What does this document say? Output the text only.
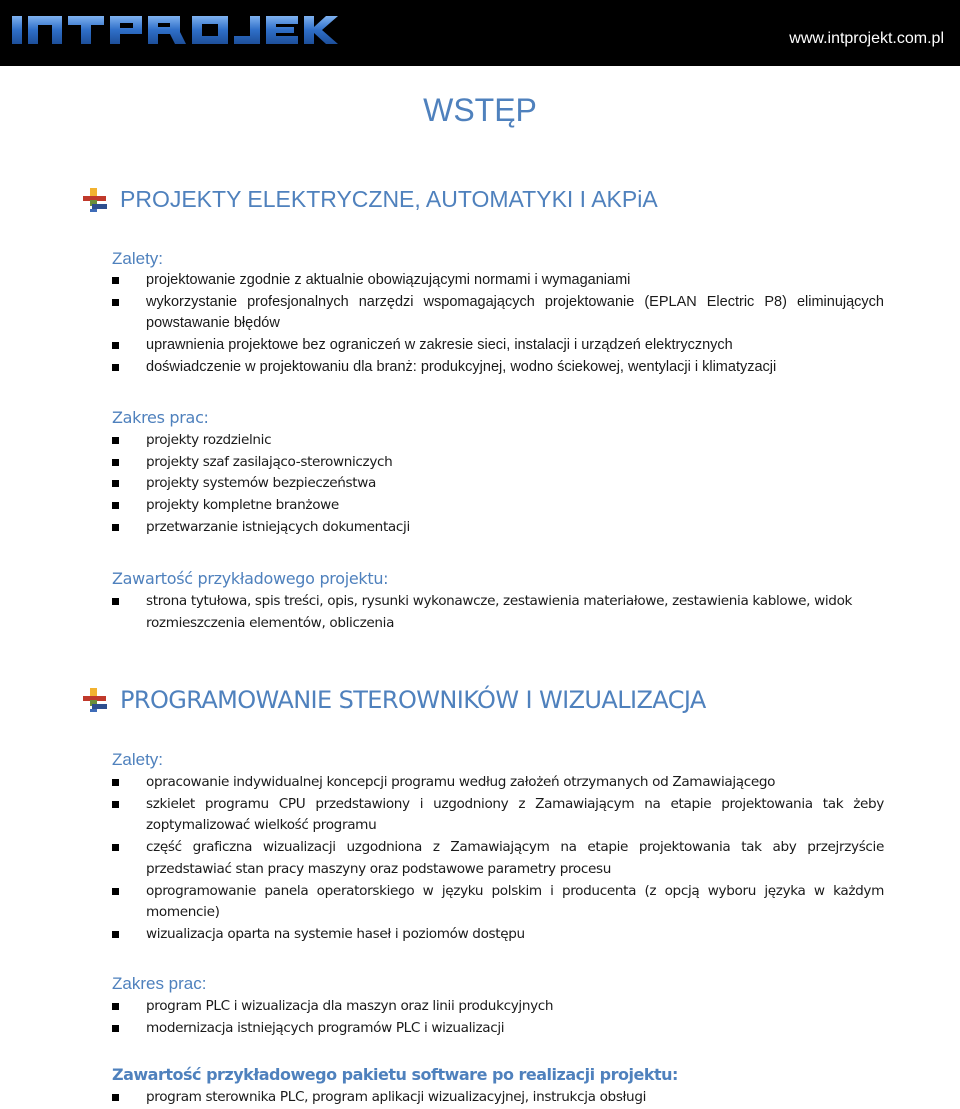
www.intprojekt.com.pl
WSTĘP
PROJEKTY ELEKTRYCZNE, AUTOMATYKI I AKPiA
Zalety:
projektowanie zgodnie z aktualnie obowiązującymi normami i wymaganiami
wykorzystanie profesjonalnych narzędzi wspomagających projektowanie (EPLAN Electric P8) eliminujących powstawanie błędów
uprawnienia projektowe bez ograniczeń w zakresie sieci, instalacji i urządzeń elektrycznych
doświadczenie w projektowaniu dla branż: produkcyjnej, wodno ściekowej, wentylacji i klimatyzacji
Zakres prac:
projekty rozdzielnic
projekty szaf zasilająco-sterowniczych
projekty systemów bezpieczeństwa
projekty kompletne branżowe
przetwarzanie istniejących dokumentacji
Zawartość przykładowego projektu:
strona tytułowa, spis treści, opis, rysunki wykonawcze, zestawienia materiałowe, zestawienia kablowe, widok rozmieszczenia elementów, obliczenia
PROGRAMOWANIE STEROWNIKÓW I WIZUALIZACJA
Zalety:
opracowanie indywidualnej koncepcji programu według założeń otrzymanych od Zamawiającego
szkielet programu CPU przedstawiony i uzgodniony z Zamawiającym na etapie projektowania tak żeby zoptymalizować wielkość programu
część graficzna wizualizacji uzgodniona z Zamawiającym na etapie projektowania tak aby przejrzyście przedstawiać stan pracy maszyny oraz podstawowe parametry procesu
oprogramowanie panela operatorskiego w języku polskim i producenta (z opcją wyboru języka w każdym momencie)
wizualizacja oparta na systemie haseł i poziomów dostępu
Zakres prac:
program PLC i wizualizacja dla maszyn oraz linii produkcyjnych
modernizacja istniejących programów PLC i wizualizacji
Zawartość przykładowego pakietu software po realizacji projektu:
program sterownika PLC, program aplikacji wizualizacyjnej, instrukcja obsługi
